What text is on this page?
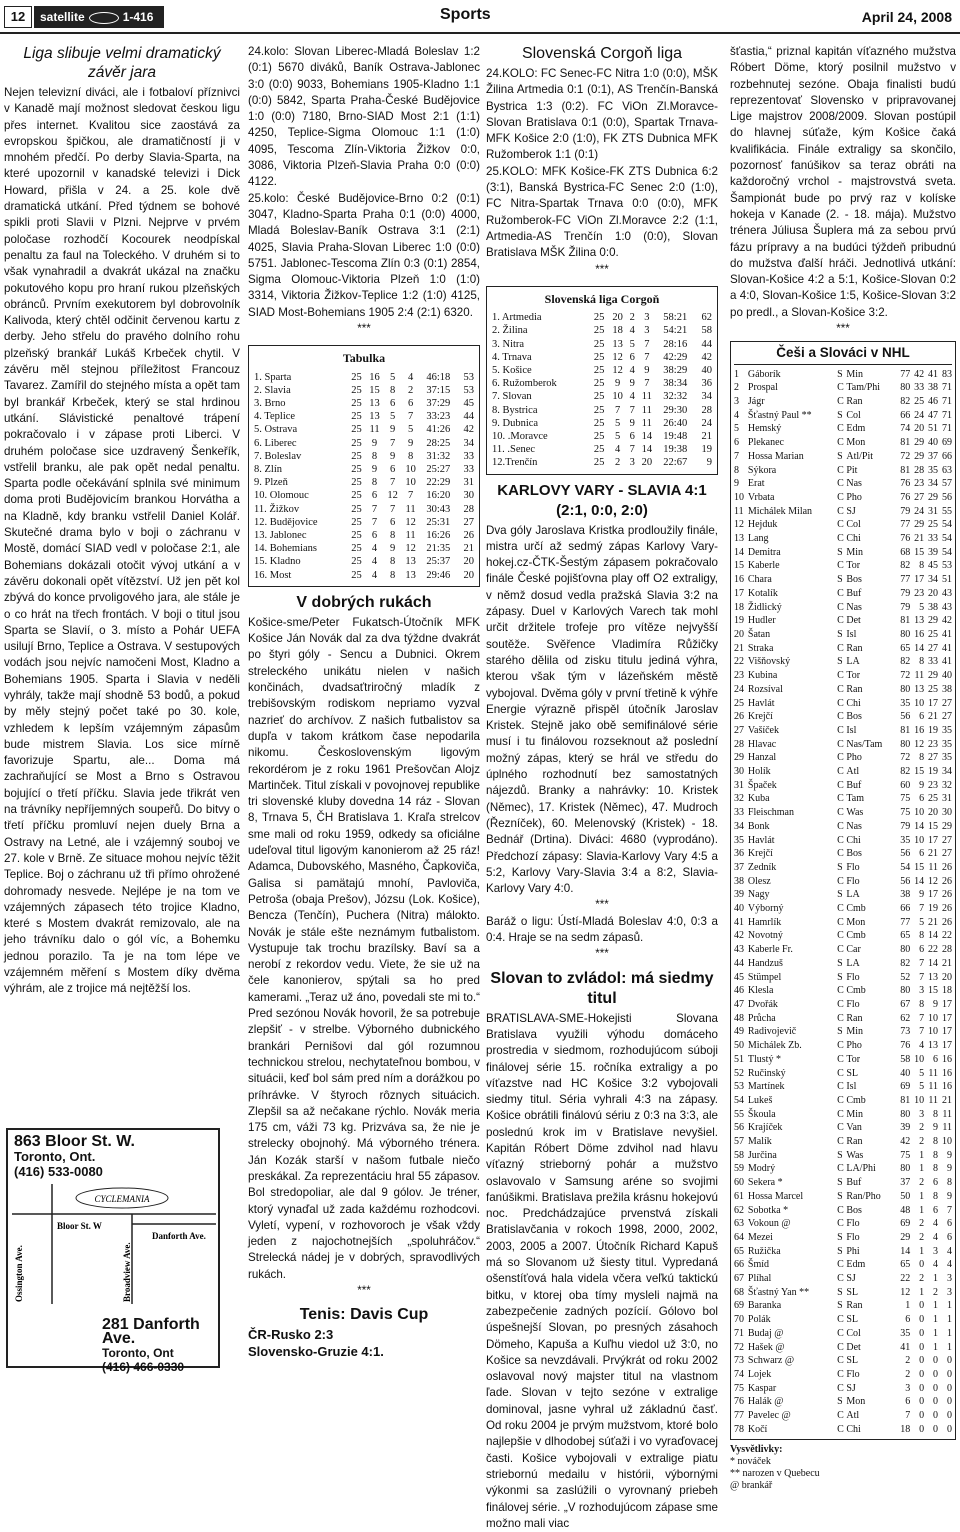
12	satellite	1-416	Sports	April 24, 2008
Liga slibuje velmi dramatický závěr jara

Nejen televizní diváci, ale i fotbaloví příznivci v Kanadě mají možnost sledovat českou ligu přes internet. Kvalitou sice zaostává za evropskou špičkou, ale dramatičností ji v mnohém předčí. Po derby Slavia-Sparta, na které upozornil v kanadské televizi i Dick Howard, přišla v 24. a 25. kole dvě dramatická utkání. Před týdnem se bohové spikli proti Slavii v Plzni. Nejprve v prvém poločase rozhodčí Kocourek neodpískal penaltu za faul na Toleckého. V druhém si to však vynahradil a dvakrát ukázal na značku pokutového kopu pro hraní rukou plzeňských obránců. Prvním exekutorem byl dobrovolník Kalivoda, který chtěl odčinit červenou kartu z derby. Jeho střelu do pravého dolního rohu plzeňský brankář Lukáš Krbeček chytil. V závěru měl stejnou příležitost Francouz Tavarez. Zamířil do stejného místa a opět tam byl brankář Krbeček, který se stal hrdinou utkání. Slávistické penaltové trápení pokračovalo i v zápase proti Liberci. V druhém poločase sice uzdravený Šenkeřík, vstřelil branku, ale pak opět nedal penaltu. Sparta podle očekávání splnila své minimum doma proti Budějovicím brankou Horvátha a na Kladně, kdy branku vstřelil Daniel Kolář. Skutečné drama bylo v boji o záchranu v Mostě, domácí SIAD vedl v poločase 2:1, ale Bohemians dokázali otočit vývoj utkání a v závěru dokonali opět vítězství. Už jen pět kol zbývá do konce prvoligového jara, ale stále je o co hrát na třech frontách. V boji o titul jsou Sparta se Slavií, o 3. místo a Pohár UEFA usilují Brno, Teplice a Ostrava. V sestupových vodách jsou nejvíc namočeni Most, Kladno a Bohemians 1905. Sparta i Slavia v neděli vyhrály, takže mají shodně 53 bodů, a pokud by měly stejný počet také po 30. kole, vzhledem k lepším vzájemným zápasům bude mistrem Slavia. Los sice mírně favorizuje Spartu, ale... Doma má zachraňující se Most a Brno s Ostravou bojující o třetí příčku. Slavia jede třikrát ven na trávníky nepříjemných soupeřů. Do bitvy o třetí příčku promluví nejen duely Brna a Ostravy na Letné, ale i vzájemný souboj ve 27. kole v Brně. Ze situace mohou nejvíc těžit Teplice. Boj o záchranu už tři přímo ohrožené dohromady nesvede. Nejlépe je na tom ve vzájemných zápasech této trojice Kladno, které s Mostem dvakrát remizovalo, ale na jeho trávníku dalo o gól víc, a Bohemku jednou porazilo. Ta je na tom lépe ve vzájemném měření s Mostem díky dvěma výhrám, ale z trojice má nejtěžší los.

863 Bloor St. W.
Toronto, Ont.
(416) 533-0080
CYCLEMANIA
Bloor St. W
Danforth Ave.
Ossington Ave.	Broadview Ave.
281 Danforth Ave.
Toronto, Ont
(416) 466-0330

24.kolo: Slovan Liberec-Mladá Boleslav 1:2 (0:1) 5670 diváků, Baník Ostrava-Jablonec 3:0 (0:0) 9033, Bohemians 1905-Kladno 1:1 (0:0) 5842, Sparta Praha-České Budějovice 1:0 (0:0) 7180, Brno-SIAD Most 2:1 (1:1) 4250, Teplice-Sigma Olomouc 1:1 (1:0) 4095, Tescoma Zlín-Viktoria Žižkov 0:0, 3086, Viktoria Plzeň-Slavia Praha 0:0 (0:0) 4122.

25.kolo: České Budějovice-Brno 0:2 (0:1) 3047, Kladno-Sparta Praha 0:1 (0:0) 4000, Mladá Boleslav-Baník Ostrava 3:1 (2:1) 4025, Slavia Praha-Slovan Liberec 1:0 (0:0) 5751. Jablonec-Tescoma Zlín 0:3 (0:1) 2854, Sigma Olomouc-Viktoria Plzeň 1:0 (1:0) 3314, Viktoria Žižkov-Teplice 1:2 (1:0) 4125, SIAD Most-Bohemians 1905 2:4 (2:1) 6320.

***

Tabulka
1. Sparta	25	16	5	4	46:18	53
2. Slavia	25	15	8	2	37:15	53
3. Brno	25	13	6	6	37:29	45
4. Teplice	25	13	5	7	33:23	44
5. Ostrava	25	11	9	5	41:26	42
6. Liberec	25	9	7	9	28:25	34
7. Boleslav	25	8	9	8	31:32	33
8. Zlín	25	9	6	10	25:27	33
9. Plzeň	25	8	7	10	22:29	31
10. Olomouc	25	6	12	7	16:20	30
11. Žižkov	25	7	7	11	30:43	28
12. Budějovice	25	7	6	12	25:31	27
13. Jablonec	25	6	8	11	16:26	26
14. Bohemians	25	4	9	12	21:35	21
15. Kladno	25	4	8	13	25:37	20
16. Most	25	4	8	13	29:46	20
V dobrých rukách

Košice-sme/Peter Fukatsch-Útočník MFK Košice Ján Novák dal za dva týždne dvakrát po štyri góly - Sencu a Dubnici. Okrem streleckého unikátu nielen v našich končinách, dvadsaťtriročný mladík z trebišovským rodiskom nepriamo vyzval nazrieť do archívov. Z našich futbalistov sa dupľa v takom krátkom čase nepodarila nikomu. Československým ligovým rekordérom je z roku 1961 Prešovčan Alojz Martinček. Titul získali v povojnovej republike tri slovenské kluby dovedna 14 ráz - Slovan 8, Trnava 5, ČH Bratislava 1. Kraľa strelcov sme mali od roku 1959, odkedy sa oficiálne udeľoval titul ligovým kanonierom až 25 ráz! Adamca, Dubovského, Masného, Čapkoviča, Galisa si pamätajú mnohí, Pavloviča, Petroša (obaja Prešov), Józsu (Lok. Košice), Bencza (Tenčín), Puchera (Nitra) málokto. Novák je stále ešte neznámym futbalistom. Vystupuje tak trochu brazílsky. Baví sa a nerobí z rekordov vedu. Viete, že sie už na čele kanonierov, spýtali sa ho pred kamerami. „Teraz už áno, povedali ste mi to.“ Pred sezónou Novák hovoril, že sa potrebuje zlepšiť - v strelbe. Výborného dubnického brankári Pernišovi dal gól rozumnou technickou strelou, nechytateľnou bombou, v situácii, keď bol sám pred ním a dorážkou po príhrávke. V štyroch rôznych situácich. Zlepšil sa až nečakane rýchlo. Novák meria 175 cm, váži 73 kg. Prizváva sa, že nie je strelecky obojnohý. Má výborného trénera. Ján Kozák starší v našom futbale niečo preskákal. Za reprezentáciu hral 55 zápasov. Bol stredopoliar, ale dal 9 gólov. Je tréner, ktorý vynaďal už zada každému rozhodcovi. Vyletí, vypení, v rozhovoroch je však vždy jeden z najochotnejších „spoluhráčov.“ Strelecká nádej je v dobrých, spravodlivých rukách.

***

Tenis: Davis Cup

ČR-Rusko 2:3

Slovensko-Gruzie 4:1.

Slovenská Corgoň liga

24.KOLO: FC Senec-FC Nitra 1:0 (0:0), MŠK Žilina Artmedia 0:1 (0:1), AS Trenčín-Banská Bystrica 1:3 (0:2). FC ViOn Zl.Moravce-Slovan Bratislava 0:1 (0:0), Spartak Trnava-MFK Košice 2:0 (1:0), FK ZTS Dubnica MFK Ružomberok 1:1 (0:1)

25.KOLO: MFK Košice-FK ZTS Dubnica 6:2 (3:1), Banská Bystrica-FC Senec 2:0 (1:0), FC Nitra-Spartak Trnava 0:0 (0:0), MFK Ružomberok-FC ViOn Zl.Moravce 2:2 (1:1, Artmedia-AS Trenčín 1:0 (0:0), Slovan Bratislava MŠK Žilina 0:0.

***

Slovenská liga Corgoň
1. Artmedia	25	20	2	3	58:21	62
2. Žilina	25	18	4	3	54:21	58
3. Nitra	25	13	5	7	28:16	44
4. Trnava	25	12	6	7	42:29	42
5. Košice	25	12	4	9	38:29	40
6. Ružomberok	25	9	9	7	38:34	36
7. Slovan	25	10	4	11	32:32	34
8. Bystrica	25	7	7	11	29:30	28
9. Dubnica	25	5	9	11	26:40	24
10. .Moravce	25	5	6	14	19:48	21
11. .Senec	25	4	7	14	19:38	19
12.Trenčín	25	2	3	20	22:67	9
KARLOVY VARY - SLAVIA 4:1 (2:1, 0:0, 2:0)

Dva góly Jaroslava Kristka prodloužily finále, mistra určí až sedmý zápas Karlovy Vary-hokej.cz-ČTK-Šestým zápasem pokračovalo finále České pojišťovna play off O2 extraligy, v němž dosud vedla pražská Slavia 3:2 na zápasy. Duel v Karlových Varech tak mohl určit držitele trofeje pro vítěze nejvyšší soutěže. Svěřence Vladimíra Růžičky starého dělila od zisku titulu jediná výhra, kterou však tým v lázeňském městě vybojoval. Dvěma góly v první třetině k výhře Energie výrazně přispěl útočník Jaroslav Kristek. Stejně jako obě semifinálové série musí i tu finálovou rozseknout až poslední možný zápas, který se hrál ve středu do úplného rozhodnutí bez samostatných nájezdů. Branky a nahrávky: 10. Kristek (Němec), 17. Kristek (Němec), 47. Mudroch (Řezníček), 60. Melenovský (Kristek) - 18. Bednář (Drtina). Diváci: 4680 (vyprodáno). Předchozí zápasy: Slavia-Karlovy Vary 4:5 a 5:2, Karlovy Vary-Slavia 3:4 a 8:2, Slavia-Karlovy Vary 4:0.

***

Baráž o ligu: Ústí-Mladá Boleslav 4:0, 0:3 a 0:4. Hraje se na sedm zápasů.

***

Slovan to zvládol: má siedmy titul

BRATISLAVA-SME-Hokejisti Slovana Bratislava využili výhodu domáceho prostredia v siedmom, rozhodujúcom súboji finálovej série 15. ročníka extraligy a po víťazstve nad HC Košice 3:2 vybojovali siedmy titul. Séria vyhrali 4:3 na zápasy. Košice obrátili finálovú sériu z 0:3 na 3:3, ale poslednú krok im v Bratislave nevyšiel. Kapitán Róbert Döme zdvihol nad hlavu víťazný strieborný pohár a mužstvo oslavovalo v Samsung aréne so svojimi fanúšikmi. Bratislava prežila krásnu hokejovú noc. Predchádzajúce prvenstvá získali Bratislavčania v rokoch 1998, 2000, 2002, 2003, 2005 a 2007. Útočník Richard Kapuš má so Slovanom už šiesty titul. Vypredaná ošenstíťová hala videla včera veľkú taktickú bitku, v ktorej oba tímy mysleli najmä na zabezpečenie zadných pozícií. Gólovo bol úspešnejší Slovan, po presných zásahoch Dömeho, Kapuša a Kuľhu viedol už 3:0, no Košice sa nevzdávali. Prvýkrát od roku 2002 oslavoval nový majster titul na vlastnom ľade. Slovan v tejto sezóne v extralige dominoval, jasne vyhral už základnú časť. Od roku 2004 je prvým mužstvom, ktoré bolo najlepšie v dlhodobej súťaži i vo vyraďovacej časti. Košice vybojovali v extralige piatu striebornú medailu v histórii, výbornými výkonmi sa zaslúžili o vyrovnaný priebeh finálovej série. „V rozhodujúcom zápase sme možno mali viac

šťastia,“ priznal kapitán víťazného mužstva Róbert Döme, ktorý posilnil mužstvo v rozbehnutej sezóne. Obaja finalisti budú reprezentovať Slovensko v pripravovanej Lige majstrov 2008/2009. Slovan postúpil do hlavnej súťaže, kým Košice čaká kvalifikácia. Finále extraligy sa skončilo, pozornosť fanúšikov sa teraz obráti na každoročný vrchol - majstrovstvá sveta. Šampionát bude po prvý raz v kolíske hokeja v Kanade (2. - 18. mája). Mužstvo trénera Júliusa Šuplera má za sebou prvú fázu prípravy a na budúci týždeň pribudnú do mužstva ďalší hráči. Jednotlivá utkání: Slovan-Košice 4:2 a 5:1, Košice-Slovan 0:2 a 4:0, Slovan-Košice 1:5, Košice-Slovan 3:2 po predl., a Slovan-Košice 3:2.

***

Češi a Slováci v NHL
1	Gáborík	S	Min	77	42	41	83
2	Prospal	C	Tam/Phi	80	33	38	71
3	Jágr	C	Ran	82	25	46	71
4	Šťastný Paul **	S	Col	66	24	47	71
5	Hemský	C	Edm	74	20	51	71
6	Plekanec	C	Mon	81	29	40	69
7	Hossa Marian	S	Atl/Pit	72	29	37	66
8	Sýkora	C	Pit	81	28	35	63
9	Erat	C	Nas	76	23	34	57
10	Vrbata	C	Pho	76	27	29	56
11	Michálek Milan	C	SJ	79	24	31	55
12	Hejduk	C	Col	77	29	25	54
13	Lang	C	Chi	76	21	33	54
14	Demitra	S	Min	68	15	39	54
15	Kaberle	C	Tor	82	8	45	53
16	Chara	S	Bos	77	17	34	51
17	Kotalík	C	Buf	79	23	20	43
18	Židlický	C	Nas	79	5	38	43
19	Hudler	C	Det	81	13	29	42
20	Šatan	S	Isl	80	16	25	41
21	Straka	C	Ran	65	14	27	41
22	Višňovský	S	LA	82	8	33	41
23	Kubina	C	Tor	72	11	29	40
24	Rozsíval	C	Ran	80	13	25	38
25	Havlát	C	Chi	35	10	17	27
26	Krejčí	C	Bos	56	6	21	27
27	Vašíček	C	Isl	81	16	19	35
28	Hlavac	C	Nas/Tam	80	12	23	35
29	Hanzal	C	Pho	72	8	27	35
30	Holík	C	Atl	82	15	19	34
31	Špaček	C	Buf	60	9	23	32
32	Kuba	C	Tam	75	6	25	31
33	Fleischman	C	Was	75	10	20	30
34	Bonk	C	Nas	79	14	15	29
35	Havlát	C	Chi	35	10	17	27
36	Krejčí	C	Bos	56	6	21	27
37	Zedník	S	Flo	54	15	11	26
38	Olesz	C	Flo	56	14	12	26
39	Nagy	S	LA	38	9	17	26
40	Výborný	C	Cmb	66	7	19	26
41	Hamrlík	C	Mon	77	5	21	26
42	Novotný	C	Cmb	65	8	14	22
43	Kaberle Fr.	C	Car	80	6	22	28
44	Handzuš	S	LA	82	7	14	21
45	Stümpel	S	Flo	52	7	13	20
46	Klesla	C	Cmb	80	3	15	18
47	Dvořák	C	Flo	67	8	9	17
48	Průcha	C	Ran	62	7	10	17
49	Radivojevič	S	Min	73	7	10	17
50	Michálek Zb.	C	Pho	76	4	13	17
51	Tlustý *	C	Tor	58	10	6	16
52	Ručinský	C	SL	40	5	11	16
53	Martínek	C	Isl	69	5	11	16
54	Lukeš	C	Cmb	81	10	11	21
55	Škoula	C	Min	80	3	8	11
56	Krajíček	C	Van	39	2	9	11
57	Malík	C	Ran	42	2	8	10
58	Jurčina	S	Was	75	1	8	9
59	Modrý	C	LA/Phi	80	1	8	9
60	Sekera *	S	Buf	37	2	6	8
61	Hossa Marcel	S	Ran/Pho	50	1	8	9
62	Sobotka *	C	Bos	48	1	6	7
63	Vokoun @	C	Flo	69	2	4	6
64	Mezei	S	Flo	29	2	4	6
65	Ružička	S	Phi	14	1	3	4
66	Šmíd	C	Edm	65	0	4	4
67	Plíhal	C	SJ	22	2	1	3
68	Šťastný Yan **	S	SL	12	1	2	3
69	Baranka	S	Ran	1	0	1	1
70	Polák	C	SL	6	0	1	1
71	Budaj @	C	Col	35	0	1	1
72	Hašek @	C	Det	41	0	1	1
73	Schwarz @	C	SL	2	0	0	0
74	Lojek	C	Flo	2	0	0	0
75	Kaspar	C	SJ	3	0	0	0
76	Halák @	S	Mon	6	0	0	0
77	Pavelec @	C	Atl	7	0	0	0
78	Kočí	C	Chi	18	0	0	0
Vysvětlivky:
* nováček
** narozen v Quebecu
@ brankář
